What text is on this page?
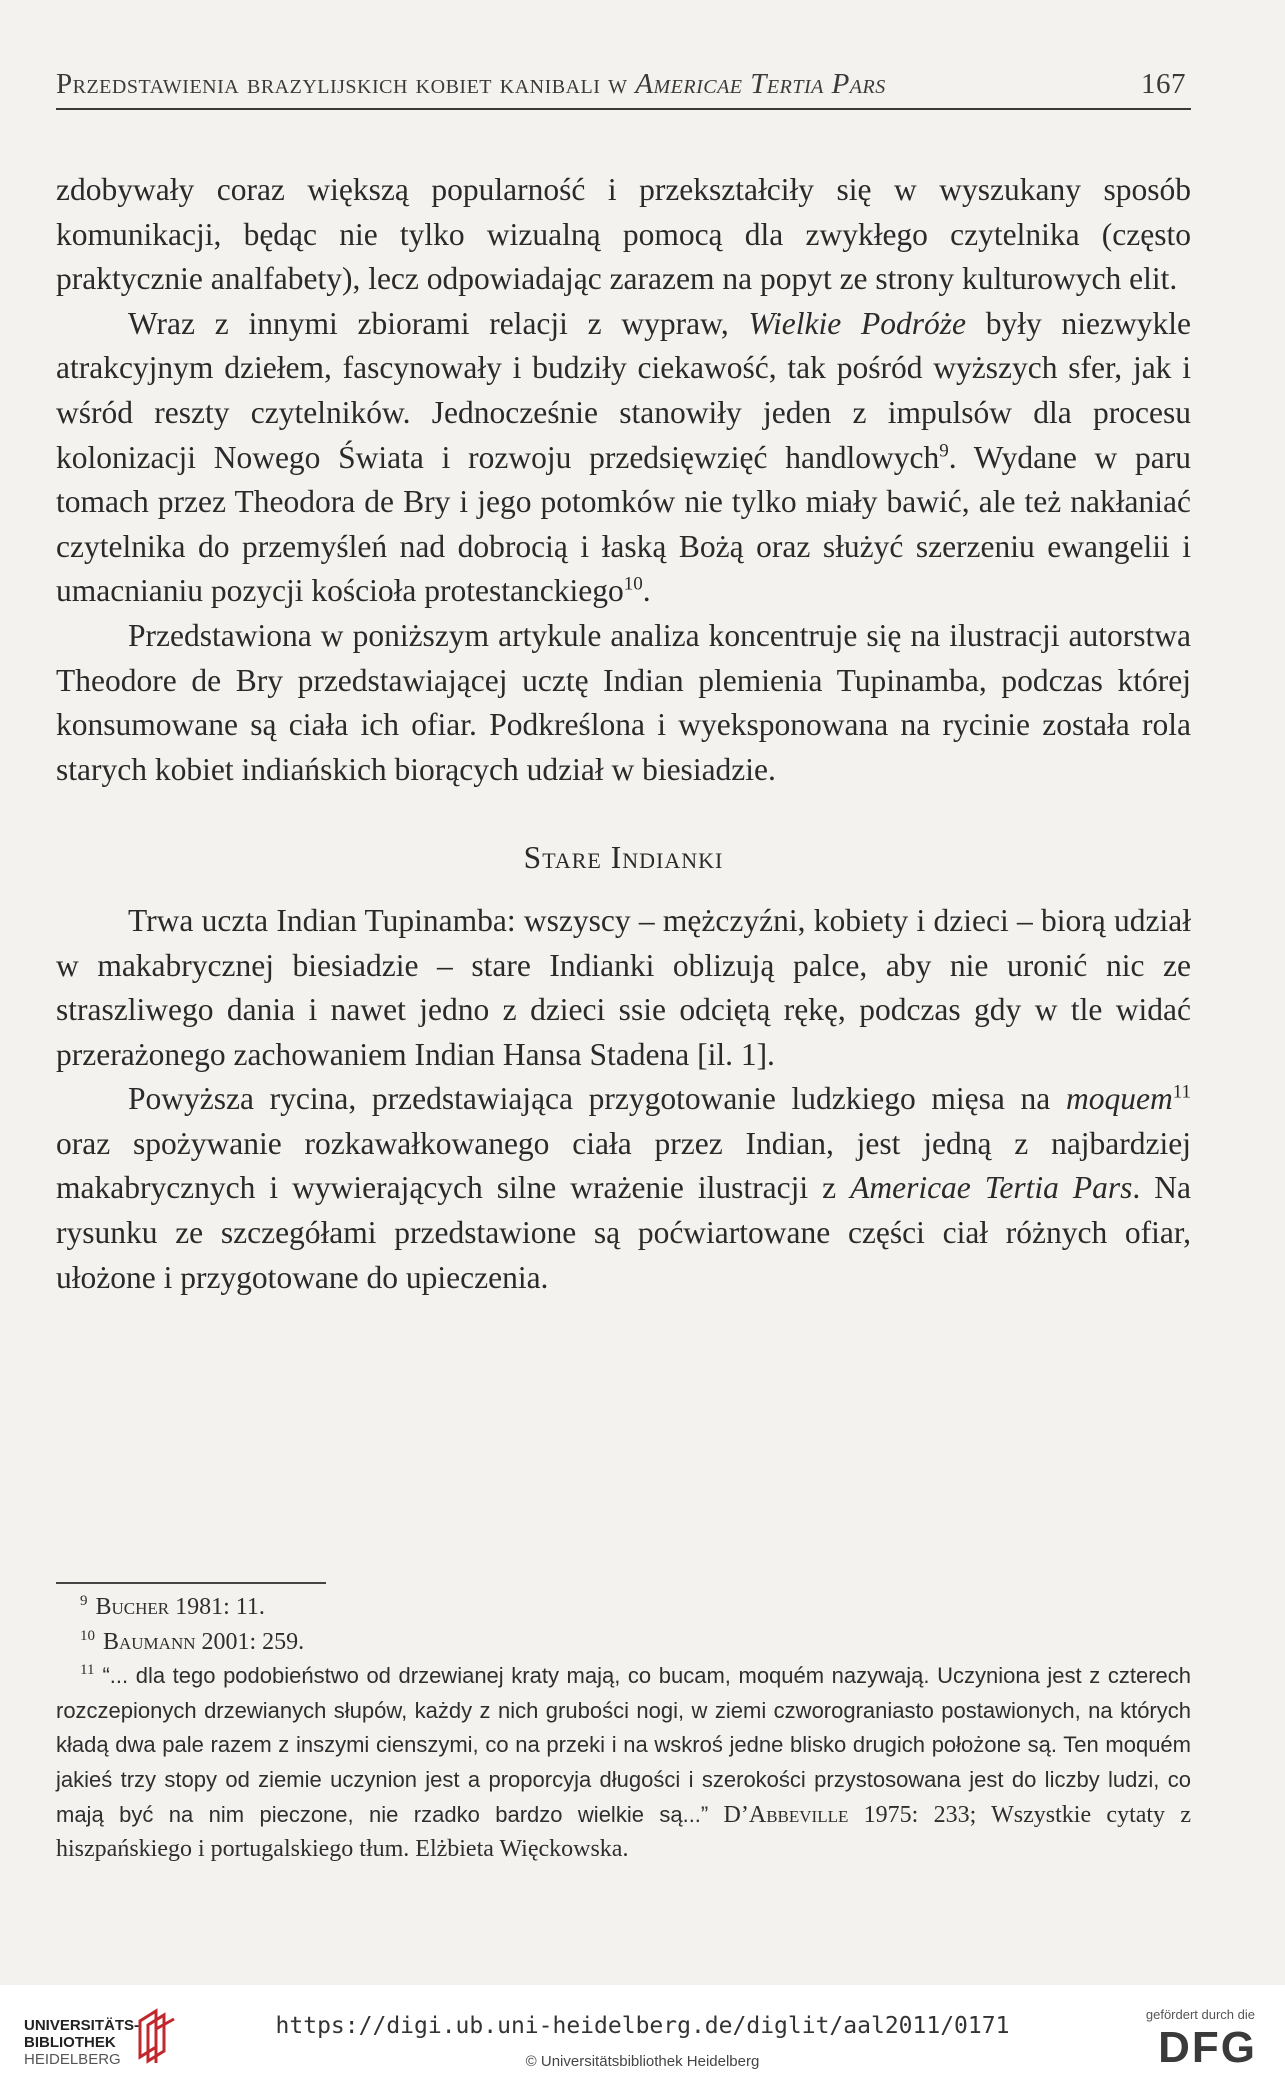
Przedstawienia brazylijskich kobiet kanibali w Americae Tertia Pars	167

zdobywały coraz większą popularność i przekształciły się w wyszukany sposób komunikacji, będąc nie tylko wizualną pomocą dla zwykłego czytelnika (często praktycznie analfabety), lecz odpowiadając zarazem na popyt ze strony kulturowych elit.

Wraz z innymi zbiorami relacji z wypraw, Wielkie Podróże były niezwykle atrakcyjnym dziełem, fascynowały i budziły ciekawość, tak pośród wyższych sfer, jak i wśród reszty czytelników. Jednocześnie stanowiły jeden z impulsów dla procesu kolonizacji Nowego Świata i rozwoju przedsięwzięć handlowych$^9$. Wydane w paru tomach przez Theodora de Bry i jego potomków nie tylko miały bawić, ale też nakłaniać czytelnika do przemyśleń nad dobrocią i łaską Bożą oraz służyć szerzeniu ewangelii i umacnianiu pozycji kościoła protestanckiego$^{10}$.

Przedstawiona w poniższym artykule analiza koncentruje się na ilustracji autorstwa Theodore de Bry przedstawiającej ucztę Indian plemienia Tupinamba, podczas której konsumowane są ciała ich ofiar. Podkreślona i wyeksponowana na rycinie została rola starych kobiet indiańskich biorących udział w biesiadzie.

Stare Indianki

Trwa uczta Indian Tupinamba: wszyscy – mężczyźni, kobiety i dzieci – biorą udział w makabrycznej biesiadzie – stare Indianki oblizują palce, aby nie uronić nic ze straszliwego dania i nawet jedno z dzieci ssie odciętą rękę, podczas gdy w tle widać przerażonego zachowaniem Indian Hansa Stadena [il. 1].

Powyższa rycina, przedstawiająca przygotowanie ludzkiego mięsa na moquem$^{11}$ oraz spożywanie rozkawałkowanego ciała przez Indian, jest jedną z najbardziej makabrycznych i wywierających silne wrażenie ilustracji z Americae Tertia Pars. Na rysunku ze szczegółami przedstawione są poćwiartowane części ciał różnych ofiar, ułożone i przygotowane do upieczenia.

$^9$ Bucher 1981: 11.

$^{10}$ Baumann 2001: 259.

$^{11}$ “... dla tego podobieństwo od drzewianej kraty mają, co bucam, moquém nazywają. Uczyniona jest z czterech rozczepionych drzewianych słupów, każdy z nich grubości nogi, w ziemi czworograniasto postawionych, na których kładą dwa pale razem z inszymi cienszymi, co na przeki i na wskroś jedne blisko drugich położone są. Ten moquém jakieś trzy stopy od ziemie uczynion jest a proporcyja długości i szerokości przystosowana jest do liczby ludzi, co mają być na nim pieczone, nie rzadko bardzo wielkie są...” D’Abbeville 1975: 233; Wszystkie cytaty z hiszpańskiego i portugalskiego tłum. Elżbieta Więckowska.

UNIVERSITÄTS-
BIBLIOTHEK
HEIDELBERG
https://digi.ub.uni-heidelberg.de/diglit/aal2011/0171
© Universitätsbibliothek Heidelberg
gefördert durch die
DFG
